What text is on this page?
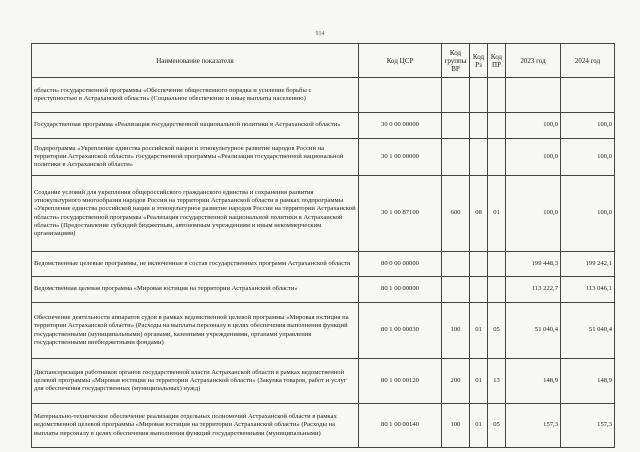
914
Наименование показателя	Код ЦСР	Код группы ВР	Код Рз	Код ПР	2023 год	2024 год
области» государственной программы «Обеспечение общественного порядка и усиление борьбы с преступностью в Астраханской области» (Социальное обеспечение и иные выплаты населению)						
Государственная программа «Реализация государственной национальной политики в Астраханской области»	30 0 00 00000				100,0	100,0
Подпрограмма «Укрепление единства российской нации и этнокультурное развитие народов России на территории Астраханской области» государственной программы «Реализация государственной национальной политики в Астраханской области»	30 1 00 00000				100,0	100,0
Создание условий для укрепления общероссийского гражданского единства и сохранения развития этнокультурного многообразия народов России на территории Астраханской области в рамках подпрограммы «Укрепление единства российской нации и этнокультурное развитие народов России на территории Астраханской области» государственной программы «Реализация государственной национальной политики в Астраханской области» (Предоставление субсидий бюджетным, автономным учреждениям и иным некоммерческим организациям)	30 1 00 87100	600	08	01	100,0	100,0
Ведомственные целевые программы, не включенные в состав государственных программ Астраханской области	80 0 00 00000				199 448,3	199 242,1
Ведомственная целевая программа «Мировая юстиция на территории Астраханской области»	80 1 00 00000				113 222,7	113 046,1
Обеспечение деятельности аппаратов судов в рамках ведомственной целевой программы «Мировая юстиция на территории Астраханской области» (Расходы на выплаты персоналу в целях обеспечения выполнения функций государственными (муниципальными) органами, казенными учреждениями, органами управления государственными внебюджетными фондами)	80 1 00 00030	100	01	05	51 040,4	51 040,4
Диспансеризация работников органов государственной власти Астраханской области в рамках ведомственной целевой программы «Мировая юстиция на территории Астраханской области» (Закупка товаров, работ и услуг для обеспечения государственных (муниципальных) нужд)	80 1 00 00120	200	01	13	148,9	148,9
Материально-техническое обеспечение реализации отдельных полномочий Астраханской области в рамках ведомственной целевой программы «Мировая юстиция на территории Астраханской области» (Расходы на выплаты персоналу в целях обеспечения выполнения функций государственными (муниципальными)	80 1 00 00140	100	01	05	157,3	157,3
